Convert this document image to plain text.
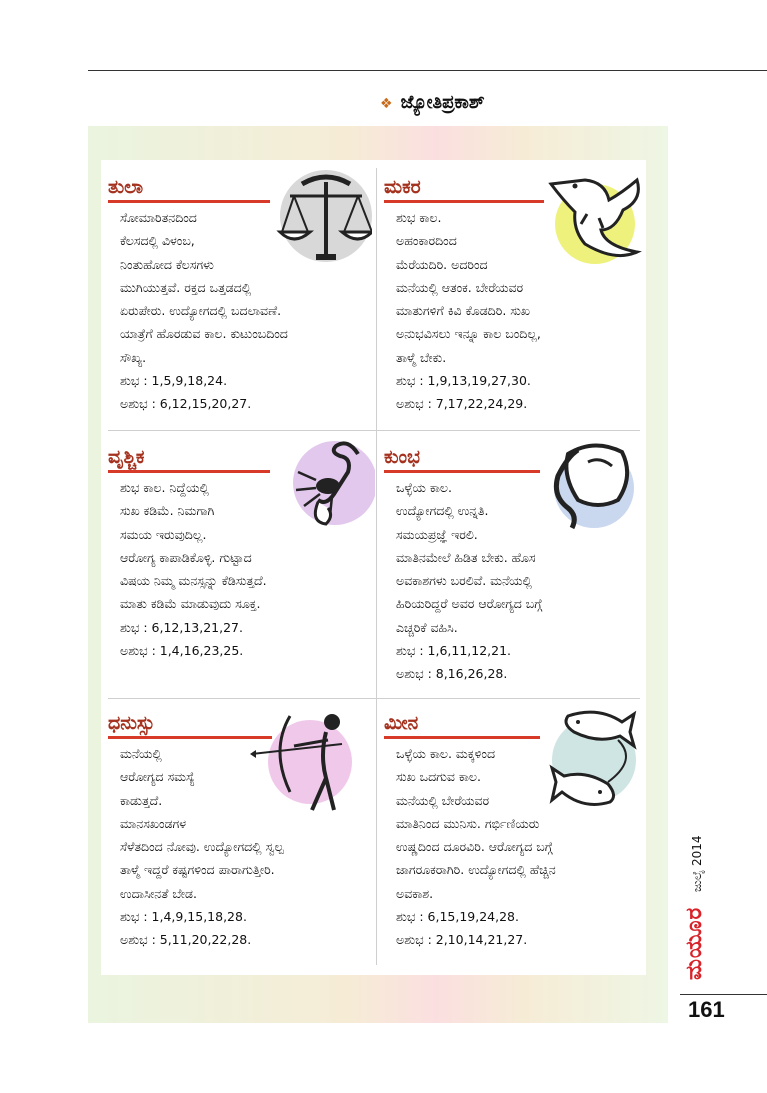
❖ ಜ್ಯೋತಿಪ್ರಕಾಶ್
ತುಲಾ
ಸೋಮಾರಿತನದಿಂದ
ಕೆಲಸದಲ್ಲಿ ವಿಳಂಬ,
ನಿಂತುಹೋದ ಕೆಲಸಗಳು
ಮುಗಿಯುತ್ತವೆ. ರಕ್ತದ ಒತ್ತಡದಲ್ಲಿ
ಏರುಪೇರು. ಉದ್ಯೋಗದಲ್ಲಿ ಬದಲಾವಣೆ.
ಯಾತ್ರೆಗೆ ಹೊರಡುವ ಕಾಲ. ಕುಟುಂಬದಿಂದ
ಸೌಖ್ಯ.
ಶುಭ : 1,5,9,18,24.
ಅಶುಭ : 6,12,15,20,27.
ಮಕರ
ಶುಭ ಕಾಲ.
ಅಹಂಕಾರದಿಂದ
ಮೆರೆಯದಿರಿ. ಅದರಿಂದ
ಮನೆಯಲ್ಲಿ ಆತಂಕ. ಬೇರೆಯವರ
ಮಾತುಗಳಿಗೆ ಕಿವಿ ಕೊಡದಿರಿ. ಸುಖ
ಅನುಭವಿಸಲು ಇನ್ನೂ ಕಾಲ ಬಂದಿಲ್ಲ,
ತಾಳ್ಮೆ ಬೇಕು.
ಶುಭ : 1,9,13,19,27,30.
ಅಶುಭ : 7,17,22,24,29.
ವೃಶ್ಚಿಕ
ಶುಭ ಕಾಲ. ನಿದ್ದೆಯಲ್ಲಿ
ಸುಖ ಕಡಿಮೆ. ನಿಮಗಾಗಿ
ಸಮಯ ಇರುವುದಿಲ್ಲ.
ಆರೋಗ್ಯ ಕಾಪಾಡಿಕೊಳ್ಳಿ. ಗುಟ್ಟಾದ
ವಿಷಯ ನಿಮ್ಮ ಮನಸ್ಸನ್ನು ಕೆಡಿಸುತ್ತದೆ.
ಮಾತು ಕಡಿಮೆ ಮಾಡುವುದು ಸೂಕ್ತ.
ಶುಭ : 6,12,13,21,27.
ಅಶುಭ : 1,4,16,23,25.
ಕುಂಭ
ಒಳ್ಳೆಯ ಕಾಲ.
ಉದ್ಯೋಗದಲ್ಲಿ ಉನ್ನತಿ.
ಸಮಯಪ್ರಜ್ಞೆ ಇರಲಿ.
ಮಾತಿನಮೇಲೆ ಹಿಡಿತ ಬೇಕು. ಹೊಸ
ಅವಕಾಶಗಳು ಬರಲಿವೆ. ಮನೆಯಲ್ಲಿ
ಹಿರಿಯರಿದ್ದರೆ ಅವರ ಆರೋಗ್ಯದ ಬಗ್ಗೆ
ಎಚ್ಚರಿಕೆ ವಹಿಸಿ.
ಶುಭ : 1,6,11,12,21.
ಅಶುಭ : 8,16,26,28.
ಧನುಸ್ಸು
ಮನೆಯಲ್ಲಿ
ಆರೋಗ್ಯದ ಸಮಸ್ಯೆ
ಕಾಡುತ್ತದೆ.
ಮಾನಸಖಂಡಗಳ
ಸೆಳೆತದಿಂದ ನೋವು. ಉದ್ಯೋಗದಲ್ಲಿ ಸ್ವಲ್ಪ
ತಾಳ್ಮೆ ಇದ್ದರೆ ಕಷ್ಟಗಳಿಂದ ಪಾರಾಗುತ್ತೀರಿ.
ಉದಾಸೀನತೆ ಬೇಡ.
ಶುಭ : 1,4,9,15,18,28.
ಅಶುಭ : 5,11,20,22,28.
ಮೀನ
ಒಳ್ಳೆಯ ಕಾಲ. ಮಕ್ಕಳಿಂದ
ಸುಖ ಒದಗುವ ಕಾಲ.
ಮನೆಯಲ್ಲಿ ಬೇರೆಯವರ
ಮಾತಿನಿಂದ ಮುನಿಸು. ಗರ್ಭಿಣಿಯರು
ಉಷ್ಣದಿಂದ ದೂರವಿರಿ. ಆರೋಗ್ಯದ ಬಗ್ಗೆ
ಜಾಗರೂಕರಾಗಿರಿ. ಉದ್ಯೋಗದಲ್ಲಿ ಹೆಚ್ಚಿನ
ಅವಕಾಶ.
ಶುಭ : 6,15,19,24,28.
ಅಶುಭ : 2,10,14,21,27.	ಮಯೂರ
ಜುಲೈ 2014
161
